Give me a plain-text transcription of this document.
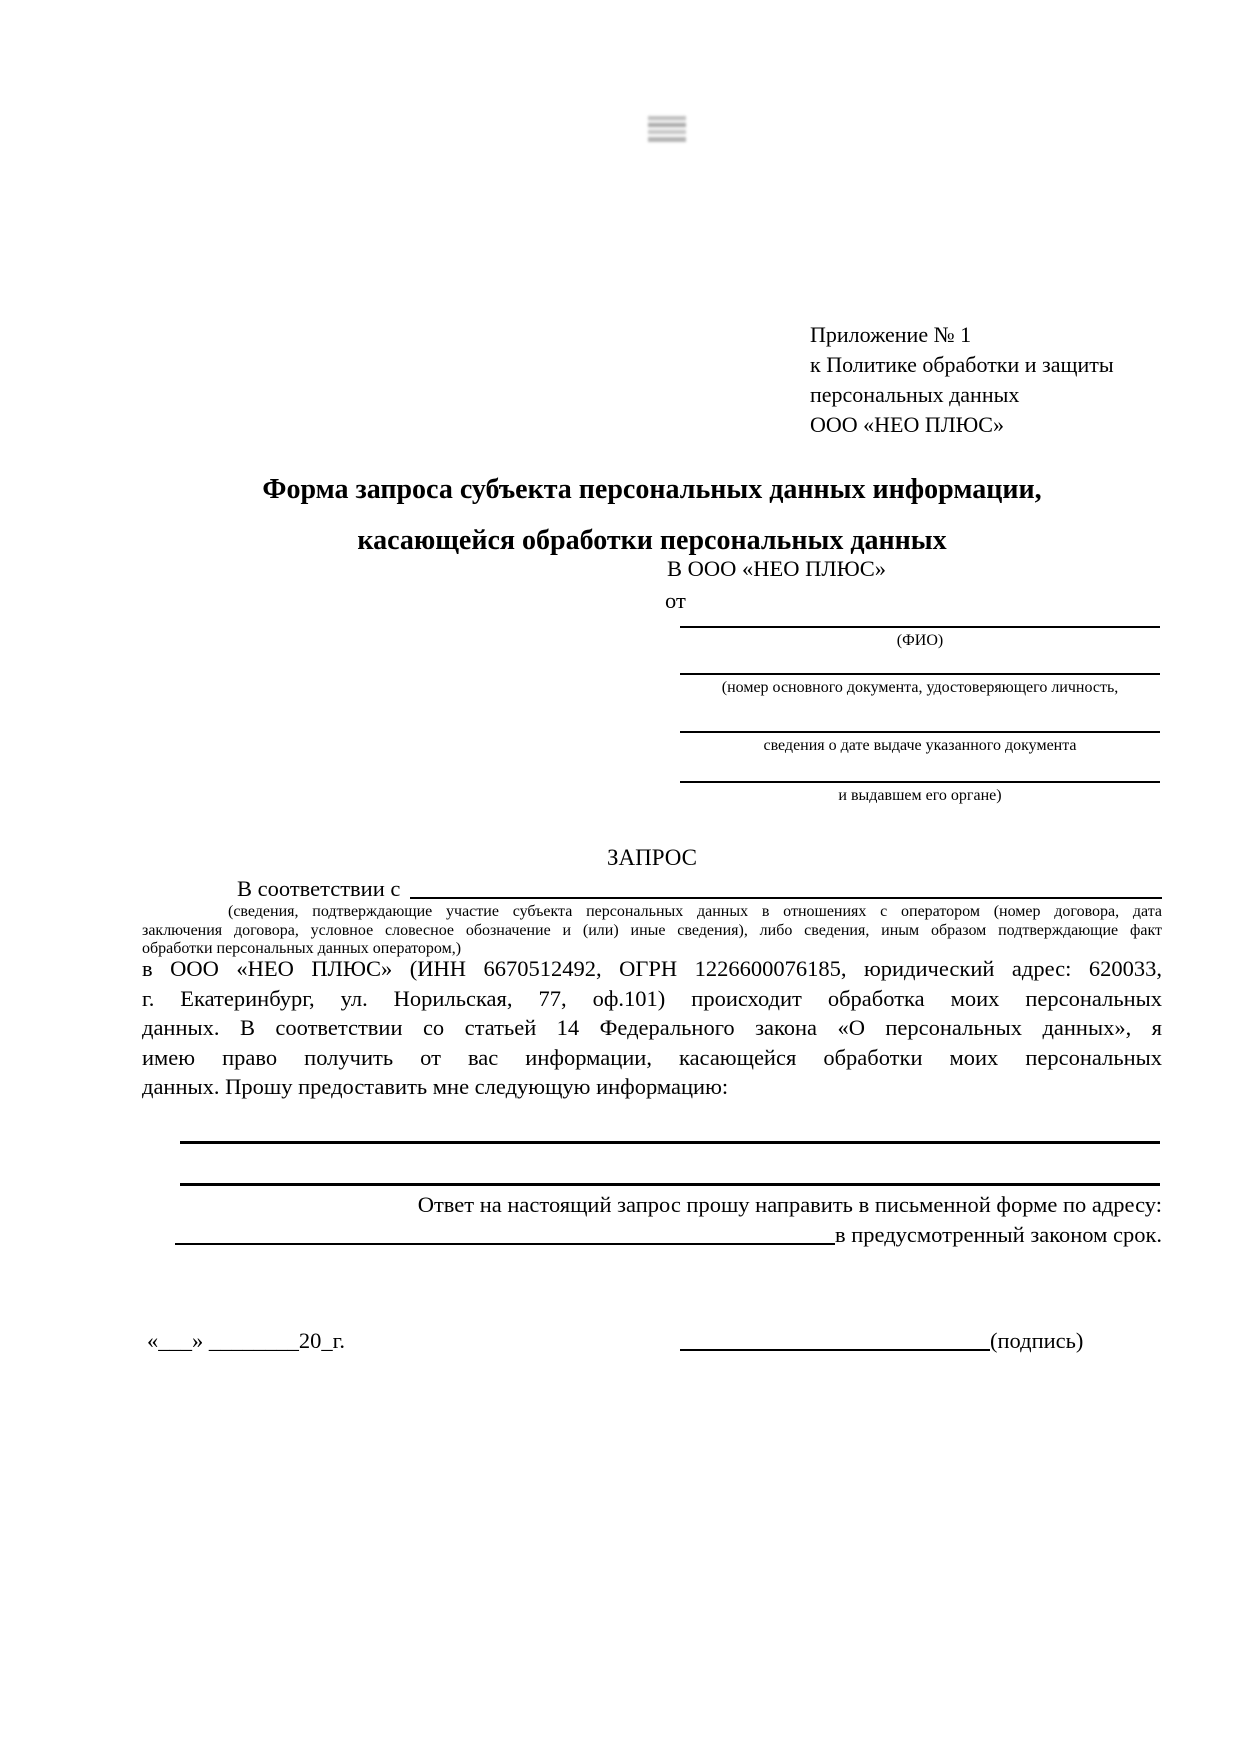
Приложение № 1
к Политике обработки и защиты
персональных данных
ООО «НЕО ПЛЮС»
Форма запроса субъекта персональных данных информации,
касающейся обработки персональных данных
В ООО «НЕО ПЛЮС»
от
(ФИО)
(номер основного документа, удостоверяющего личность,
сведения о дате выдаче указанного документа
и выдавшем его органе)
ЗАПРОС
В соответствии с
(сведения, подтверждающие участие субъекта персональных данных в отношениях с оператором (номер договора, дата
заключения договора, условное словесное обозначение и (или) иные сведения), либо сведения, иным образом подтверждающие факт
обработки персональных данных оператором,)
в ООО «НЕО ПЛЮС» (ИНН 6670512492, ОГРН 1226600076185, юридический адрес: 620033,
г. Екатеринбург, ул. Норильская, 77, оф.101) происходит обработка моих персональных
данных. В соответствии со статьей 14 Федерального закона «О персональных данных», я
имею право получить от вас информации, касающейся обработки моих персональных
данных. Прошу предоставить мне следующую информацию:
Ответ на настоящий запрос прошу направить в письменной форме по адресу:
в предусмотренный законом срок.
«___» ________20_г.	(подпись)
